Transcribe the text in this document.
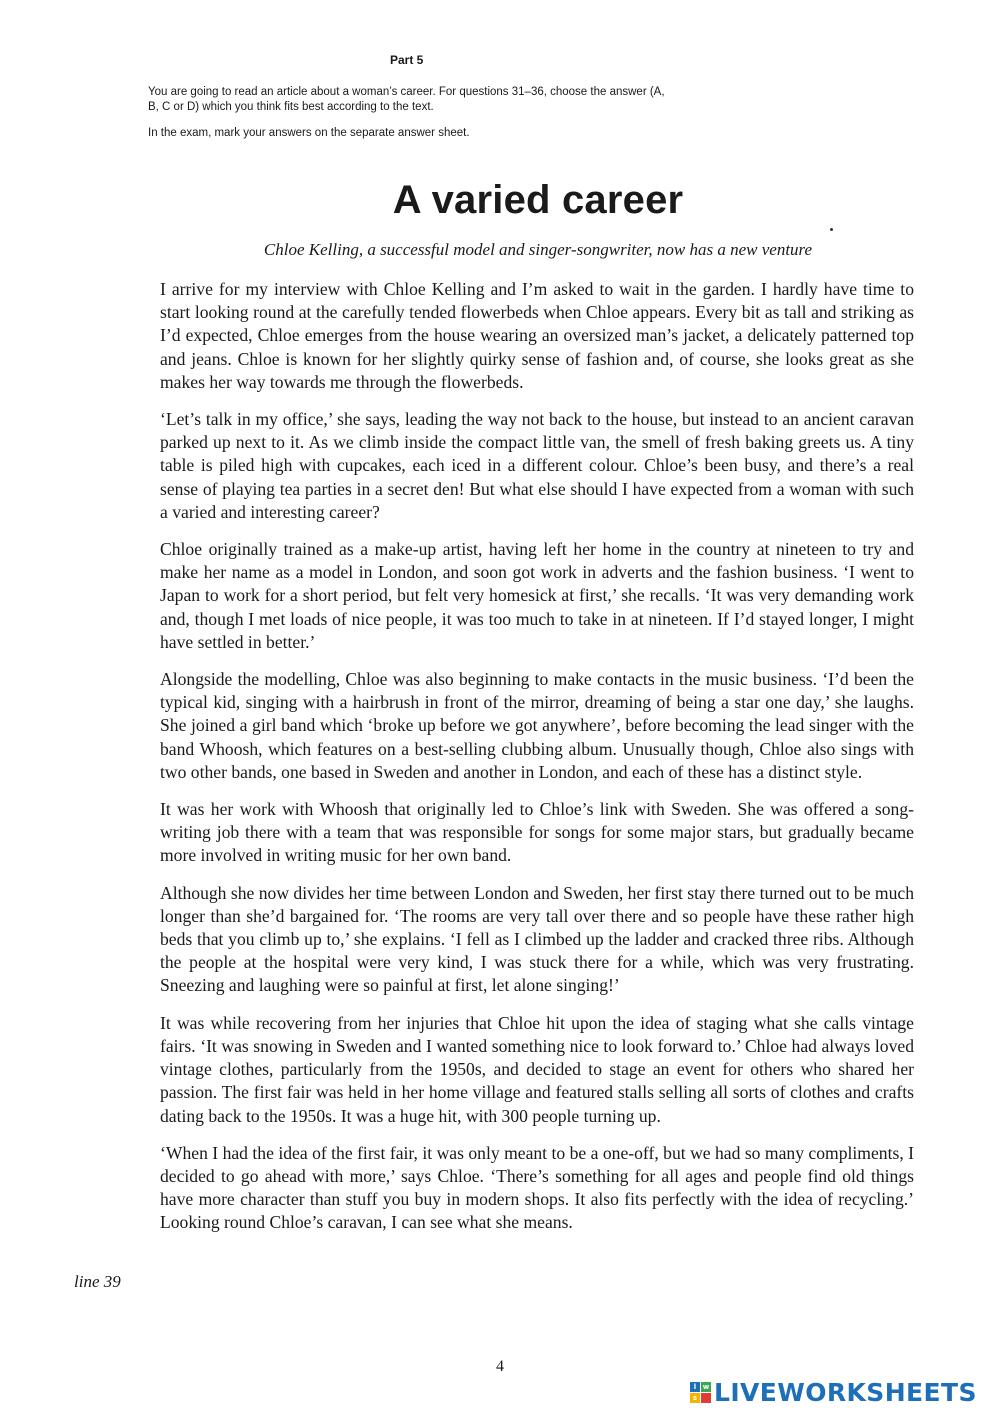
Part 5

You are going to read an article about a woman’s career. For questions 31–36, choose the answer (A, B, C or D) which you think fits best according to the text.

In the exam, mark your answers on the separate answer sheet.

A varied career
Chloe Kelling, a successful model and singer-songwriter, now has a new venture

I arrive for my interview with Chloe Kelling and I’m asked to wait in the garden. I hardly have time to start looking round at the carefully tended flowerbeds when Chloe appears. Every bit as tall and striking as I’d expected, Chloe emerges from the house wearing an oversized man’s jacket, a delicately patterned top and jeans. Chloe is known for her slightly quirky sense of fashion and, of course, she looks great as she makes her way towards me through the flowerbeds.

‘Let’s talk in my office,’ she says, leading the way not back to the house, but instead to an ancient caravan parked up next to it. As we climb inside the compact little van, the smell of fresh baking greets us. A tiny table is piled high with cupcakes, each iced in a different colour. Chloe’s been busy, and there’s a real sense of playing tea parties in a secret den! But what else should I have expected from a woman with such a varied and interesting career?

Chloe originally trained as a make-up artist, having left her home in the country at nineteen to try and make her name as a model in London, and soon got work in adverts and the fashion business. ‘I went to Japan to work for a short period, but felt very homesick at first,’ she recalls. ‘It was very demanding work and, though I met loads of nice people, it was too much to take in at nineteen. If I’d stayed longer, I might have settled in better.’

Alongside the modelling, Chloe was also beginning to make contacts in the music business. ‘I’d been the typical kid, singing with a hairbrush in front of the mirror, dreaming of being a star one day,’ she laughs. She joined a girl band which ‘broke up before we got anywhere’, before becoming the lead singer with the band Whoosh, which features on a best-selling clubbing album. Unusually though, Chloe also sings with two other bands, one based in Sweden and another in London, and each of these has a distinct style.

It was her work with Whoosh that originally led to Chloe’s link with Sweden. She was offered a song-writing job there with a team that was responsible for songs for some major stars, but gradually became more involved in writing music for her own band.

Although she now divides her time between London and Sweden, her first stay there turned out to be much longer than she’d bargained for. ‘The rooms are very tall over there and so people have these rather high beds that you climb up to,’ she explains. ‘I fell as I climbed up the ladder and cracked three ribs. Although the people at the hospital were very kind, I was stuck there for a while, which was very frustrating. Sneezing and laughing were so painful at first, let alone singing!’

It was while recovering from her injuries that Chloe hit upon the idea of staging what she calls vintage fairs. ‘It was snowing in Sweden and I wanted something nice to look forward to.’ Chloe had always loved vintage clothes, particularly from the 1950s, and decided to stage an event for others who shared her passion. The first fair was held in her home village and featured stalls selling all sorts of clothes and crafts dating back to the 1950s. It was a huge hit, with 300 people turning up.

‘When I had the idea of the first fair, it was only meant to be a one-off, but we had so many compliments, I decided to go ahead with more,’ says Chloe. ‘There’s something for all ages and people find old things have more character than stuff you buy in modern shops. It also fits perfectly with the idea of recycling.’ Looking round Chloe’s caravan, I can see what she means.

line 39
4
l w
s LIVEWORKSHEETS
